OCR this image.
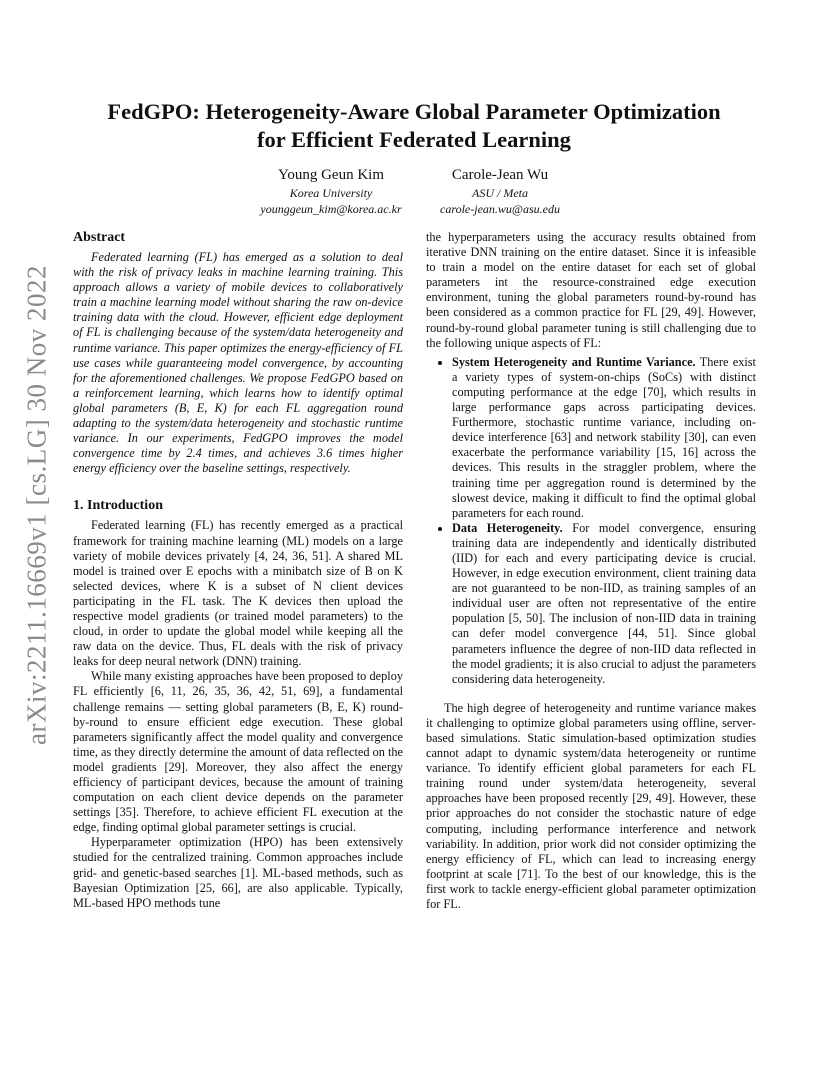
arXiv:2211.16669v1 [cs.LG] 30 Nov 2022
FedGPO: Heterogeneity-Aware Global Parameter Optimization
for Efficient Federated Learning
Young Geun Kim
Korea University
younggeun_kim@korea.ac.kr
Carole-Jean Wu
ASU / Meta
carole-jean.wu@asu.edu
Abstract

Federated learning (FL) has emerged as a solution to deal with the risk of privacy leaks in machine learning training. This approach allows a variety of mobile devices to collaboratively train a machine learning model without sharing the raw on-device training data with the cloud. However, efficient edge deployment of FL is challenging because of the system/data heterogeneity and runtime variance. This paper optimizes the energy-efficiency of FL use cases while guaranteeing model convergence, by accounting for the aforementioned challenges. We propose FedGPO based on a reinforcement learning, which learns how to identify optimal global parameters (B, E, K) for each FL aggregation round adapting to the system/data heterogeneity and stochastic runtime variance. In our experiments, FedGPO improves the model convergence time by 2.4 times, and achieves 3.6 times higher energy efficiency over the baseline settings, respectively.

1. Introduction

Federated learning (FL) has recently emerged as a practical framework for training machine learning (ML) models on a large variety of mobile devices privately [4, 24, 36, 51]. A shared ML model is trained over E epochs with a minibatch size of B on K selected devices, where K is a subset of N client devices participating in the FL task. The K devices then upload the respective model gradients (or trained model parameters) to the cloud, in order to update the global model while keeping all the raw data on the device. Thus, FL deals with the risk of privacy leaks for deep neural network (DNN) training.

While many existing approaches have been proposed to deploy FL efficiently [6, 11, 26, 35, 36, 42, 51, 69], a fundamental challenge remains — setting global parameters (B, E, K) round-by-round to ensure efficient edge execution. These global parameters significantly affect the model quality and convergence time, as they directly determine the amount of data reflected on the model gradients [29]. Moreover, they also affect the energy efficiency of participant devices, because the amount of training computation on each client device depends on the parameter settings [35]. Therefore, to achieve efficient FL execution at the edge, finding optimal global parameter settings is crucial.

Hyperparameter optimization (HPO) has been extensively studied for the centralized training. Common approaches include grid- and genetic-based searches [1]. ML-based methods, such as Bayesian Optimization [25, 66], are also applicable. Typically, ML-based HPO methods tune

the hyperparameters using the accuracy results obtained from iterative DNN training on the entire dataset. Since it is infeasible to train a model on the entire dataset for each set of global parameters int the resource-constrained edge execution environment, tuning the global parameters round-by-round has been considered as a common practice for FL [29, 49]. However, round-by-round global parameter tuning is still challenging due to the following unique aspects of FL:

• System Heterogeneity and Runtime Variance. There exist a variety types of system-on-chips (SoCs) with distinct computing performance at the edge [70], which results in large performance gaps across participating devices. Furthermore, stochastic runtime variance, including on-device interference [63] and network stability [30], can even exacerbate the performance variability [15, 16] across the devices. This results in the straggler problem, where the training time per aggregation round is determined by the slowest device, making it difficult to find the optimal global parameters for each round.
• Data Heterogeneity. For model convergence, ensuring training data are independently and identically distributed (IID) for each and every participating device is crucial. However, in edge execution environment, client training data are not guaranteed to be non-IID, as training samples of an individual user are often not representative of the entire population [5, 50]. The inclusion of non-IID data in training can defer model convergence [44, 51]. Since global parameters influence the degree of non-IID data reflected in the model gradients; it is also crucial to adjust the parameters considering data heterogeneity.

The high degree of heterogeneity and runtime variance makes it challenging to optimize global parameters using offline, server-based simulations. Static simulation-based optimization studies cannot adapt to dynamic system/data heterogeneity or runtime variance. To identify efficient global parameters for each FL training round under system/data heterogeneity, several approaches have been proposed recently [29, 49]. However, these prior approaches do not consider the stochastic nature of edge computing, including performance interference and network variability. In addition, prior work did not consider optimizing the energy efficiency of FL, which can lead to increasing energy footprint at scale [71]. To the best of our knowledge, this is the first work to tackle energy-efficient global parameter optimization for FL.
